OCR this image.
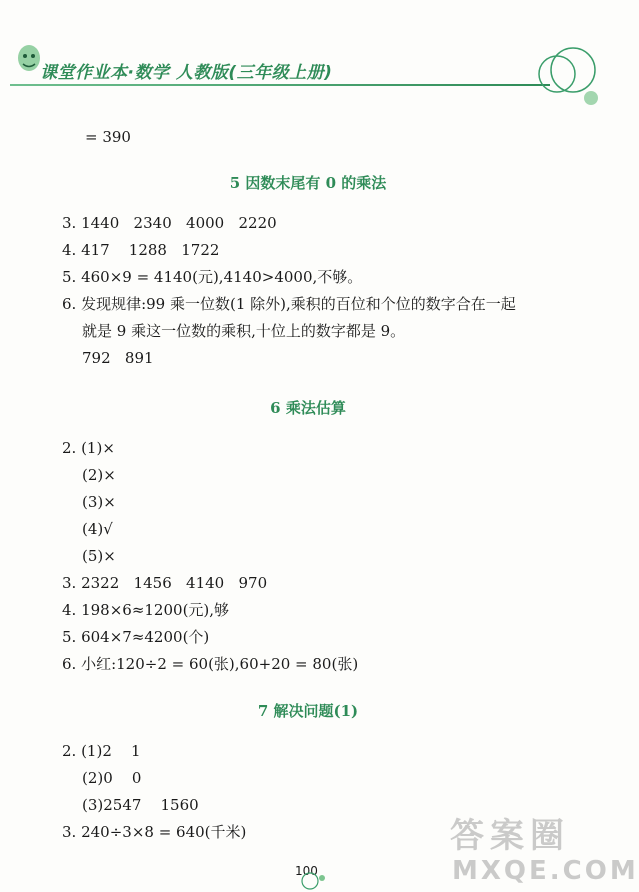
课堂作业本·数学 人教版(三年级上册)
= 390
5 因数末尾有 0 的乘法
3. 1440   2340   4000   2220
4. 417    1288   1722
5. 460×9 = 4140(元),4140>4000,不够。
6. 发现规律:99 乘一位数(1 除外),乘积的百位和个位的数字合在一起
就是 9 乘这一位数的乘积,十位上的数字都是 9。
792   891
6 乘法估算
2. (1)×
(2)×
(3)×
(4)√
(5)×
3. 2322   1456   4140   970
4. 198×6≈1200(元),够
5. 604×7≈4200(个)
6. 小红:120÷2 = 60(张),60+20 = 80(张)
7 解决问题(1)
2. (1)2    1
(2)0    0
(3)2547    1560
3. 240÷3×8 = 640(千米)
100
答案圈
MXQE.COM
